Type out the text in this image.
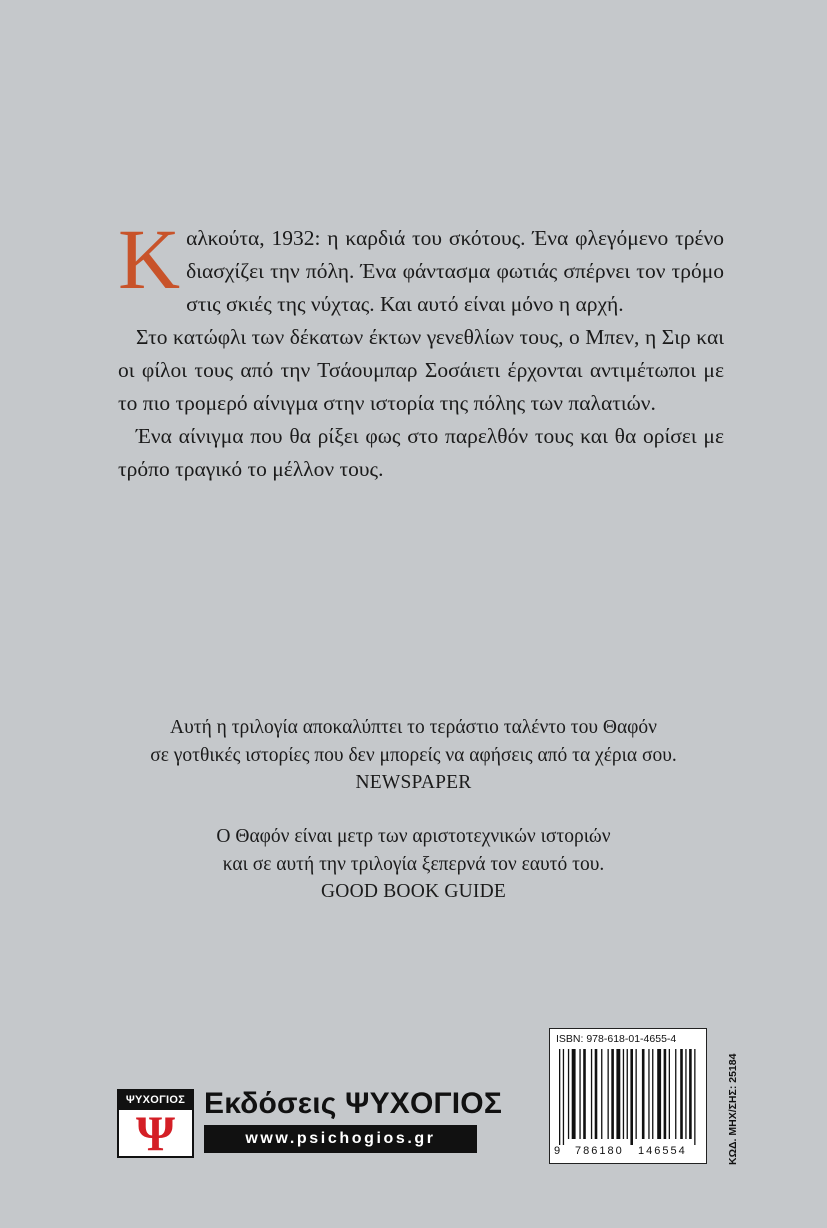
Καλκούτα, 1932: η καρδιά του σκότους. Ένα φλεγόμενο τρένο διασχίζει την πόλη. Ένα φάντασμα φωτιάς σπέρνει τον τρόμο στις σκιές της νύχτας. Και αυτό είναι μόνο η αρχή.

Στο κατώφλι των δέκατων έκτων γενεθλίων τους, ο Μπεν, η Σιρ και οι φίλοι τους από την Τσάουμπαρ Σοσάιετι έρχονται αντιμέτωποι με το πιο τρομερό αίνιγμα στην ιστορία της πόλης των παλατιών.

Ένα αίνιγμα που θα ρίξει φως στο παρελθόν τους και θα ορίσει με τρόπο τραγικό το μέλλον τους.

Αυτή η τριλογία αποκαλύπτει το τεράστιο ταλέντο του Θαφόν
σε γοτθικές ιστορίες που δεν μπορείς να αφήσεις από τα χέρια σου.
NEWSPAPER
Ο Θαφόν είναι μετρ των αριστοτεχνικών ιστοριών
και σε αυτή την τριλογία ξεπερνά τον εαυτό του.
GOOD BOOK GUIDE
ΨΥΧΟΓΙΟΣ
Ψ
Εκδόσεις ΨΥΧΟΓΙΟΣ
www.psichogios.gr
ISBN: 978-618-01-4655-4
9 786180 146554	ΚΩΔ. ΜΗΧ/ΣΗΣ: 25184
